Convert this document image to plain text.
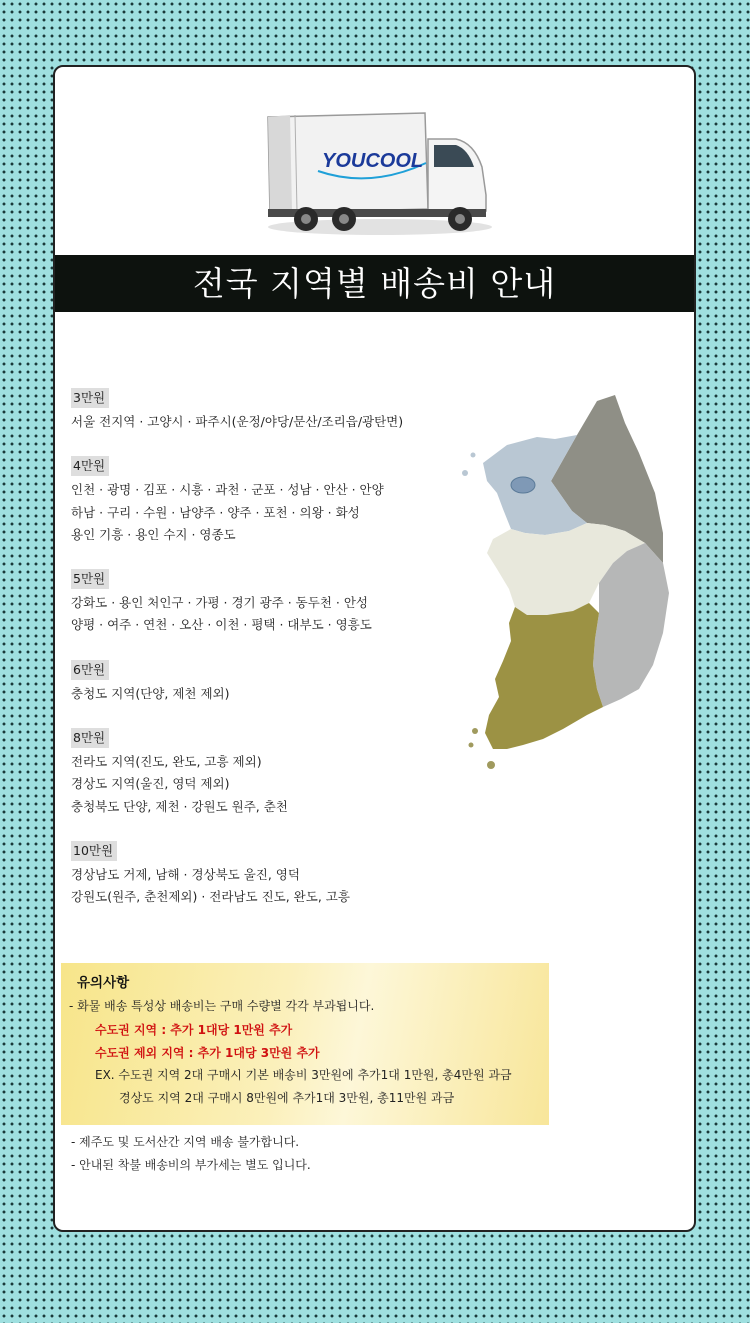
YOUCOOL
전국 지역별 배송비 안내
3만원
서울 전지역 · 고양시 · 파주시(운정/야당/문산/조리읍/광탄면)
4만원
인천 · 광명 · 김포 · 시흥 · 과천 · 군포 · 성남 · 안산 · 안양
하남 · 구리 · 수원 · 남양주 · 양주 · 포천 · 의왕 · 화성
용인 기흥 · 용인 수지 · 영종도
5만원
강화도 · 용인 처인구 · 가평 · 경기 광주 · 동두천 · 안성
양평 · 여주 · 연천 · 오산 · 이천 · 평택 · 대부도 · 영흥도
6만원
충청도 지역(단양, 제천 제외)
8만원
전라도 지역(진도, 완도, 고흥 제외)
경상도 지역(울진, 영덕 제외)
충청북도 단양, 제천 · 강원도 원주, 춘천
10만원
경상남도 거제, 남해 · 경상북도 울진, 영덕
강원도(원주, 춘천제외) · 전라남도 진도, 완도, 고흥
유의사항
- 화물 배송 특성상 배송비는 구매 수량별 각각 부과됩니다.
수도권 지역 : 추가 1대당 1만원 추가
수도권 제외 지역 : 추가 1대당 3만원 추가
EX. 수도권 지역 2대 구매시 기본 배송비 3만원에 추가1대 1만원, 총4만원 과금
경상도 지역 2대 구매시 8만원에 추가1대 3만원, 총11만원 과금
- 제주도 및 도서산간 지역 배송 불가합니다.
- 안내된 착불 배송비의 부가세는 별도 입니다.
